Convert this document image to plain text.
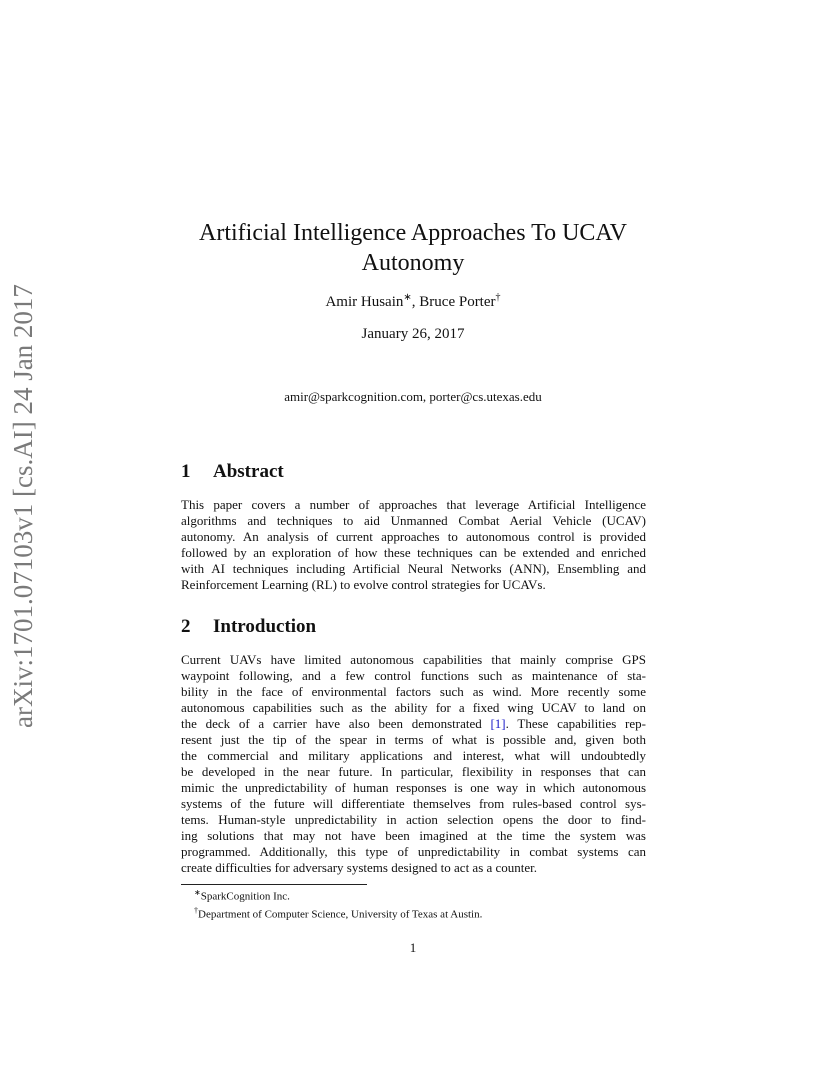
arXiv:1701.07103v1 [cs.AI] 24 Jan 2017
Artificial Intelligence Approaches To UCAV
Autonomy
Amir Husain∗, Bruce Porter†
January 26, 2017
amir@sparkcognition.com, porter@cs.utexas.edu
1 Abstract
This paper covers a number of approaches that leverage Artificial Intelligence
algorithms and techniques to aid Unmanned Combat Aerial Vehicle (UCAV)
autonomy. An analysis of current approaches to autonomous control is provided
followed by an exploration of how these techniques can be extended and enriched
with AI techniques including Artificial Neural Networks (ANN), Ensembling and
Reinforcement Learning (RL) to evolve control strategies for UCAVs.
2 Introduction
Current UAVs have limited autonomous capabilities that mainly comprise GPS
waypoint following, and a few control functions such as maintenance of sta-
bility in the face of environmental factors such as wind. More recently some
autonomous capabilities such as the ability for a fixed wing UCAV to land on
the deck of a carrier have also been demonstrated [1]. These capabilities rep-
resent just the tip of the spear in terms of what is possible and, given both
the commercial and military applications and interest, what will undoubtedly
be developed in the near future. In particular, flexibility in responses that can
mimic the unpredictability of human responses is one way in which autonomous
systems of the future will differentiate themselves from rules-based control sys-
tems. Human-style unpredictability in action selection opens the door to find-
ing solutions that may not have been imagined at the time the system was
programmed. Additionally, this type of unpredictability in combat systems can
create difficulties for adversary systems designed to act as a counter.
∗SparkCognition Inc.
†Department of Computer Science, University of Texas at Austin.
1
